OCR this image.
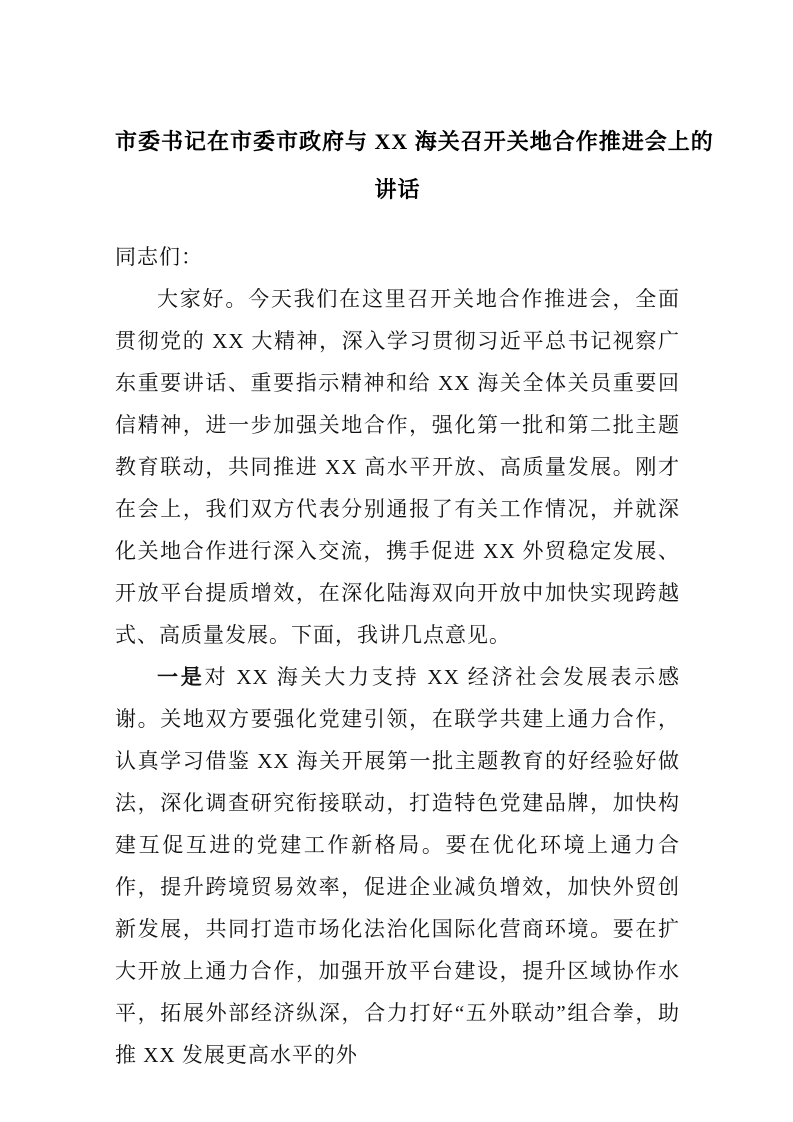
市委书记在市委市政府与 XX 海关召开关地合作推进会上的
讲话

同志们：

大家好。今天我们在这里召开关地合作推进会，全面贯彻党的 XX 大精神，深入学习贯彻习近平总书记视察广东重要讲话、重要指示精神和给 XX 海关全体关员重要回信精神，进一步加强关地合作，强化第一批和第二批主题教育联动，共同推进 XX 高水平开放、高质量发展。刚才在会上，我们双方代表分别通报了有关工作情况，并就深化关地合作进行深入交流，携手促进 XX 外贸稳定发展、开放平台提质增效，在深化陆海双向开放中加快实现跨越式、高质量发展。下面，我讲几点意见。

一是对 XX 海关大力支持 XX 经济社会发展表示感谢。关地双方要强化党建引领，在联学共建上通力合作，认真学习借鉴 XX 海关开展第一批主题教育的好经验好做法，深化调查研究衔接联动，打造特色党建品牌，加快构建互促互进的党建工作新格局。要在优化环境上通力合作，提升跨境贸易效率，促进企业减负增效，加快外贸创新发展，共同打造市场化法治化国际化营商环境。要在扩大开放上通力合作，加强开放平台建设，提升区域协作水平，拓展外部经济纵深，合力打好“五外联动”组合拳，助推 XX 发展更高水平的外
